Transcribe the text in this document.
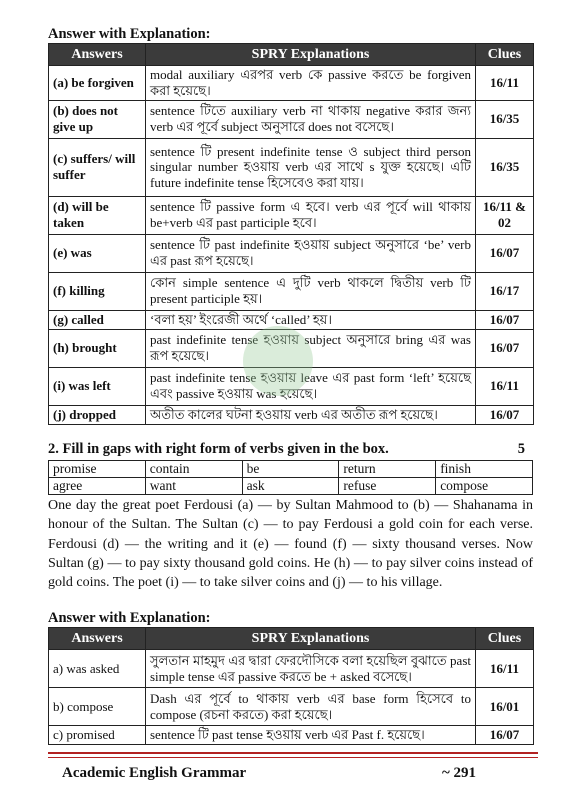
Answer with Explanation:
Answers	SPRY Explanations	Clues
(a) be forgiven	modal auxiliary এরপর verb কে passive করতে be forgiven করা হয়েছে।	16/11
(b) does not give up	sentence টিতে auxiliary verb না থাকায় negative করার জন্য verb এর পূর্বে subject অনুসারে does not বসেছে।	16/35
(c) suffers/ will suffer	sentence টি present indefinite tense ও subject third person singular number হওয়ায় verb এর সাথে s যুক্ত হয়েছে। এটি future indefinite tense হিসেবেও করা যায়।	16/35
(d) will be taken	sentence টি passive form এ হবে। verb এর পূর্বে will থাকায় be+verb এর past participle হবে।	16/11 & 02
(e) was	sentence টি past indefinite হওয়ায় subject অনুসারে ‘be’ verb এর past রূপ হয়েছে।	16/07
(f) killing	কোন simple sentence এ দুটি verb থাকলে দ্বিতীয় verb টি present participle হয়।	16/17
(g) called	‘বলা হয়’ ইংরেজী অর্থে ‘called’ হয়।	16/07
(h) brought	past indefinite tense হওয়ায় subject অনুসারে bring এর was রূপ হয়েছে।	16/07
(i) was left	past indefinite tense হওয়ায় leave এর past form ‘left’ হয়েছে এবং passive হওয়ায় was হয়েছে।	16/11
(j) dropped	অতীত কালের ঘটনা হওয়ায় verb এর অতীত রূপ হয়েছে।	16/07
2. Fill in gaps with right form of verbs given in the box.	5
promise	contain	be	return	finish
agree	want	ask	refuse	compose

One day the great poet Ferdousi (a) — by Sultan Mahmood to (b) — Shahanama in honour of the Sultan. The Sultan (c) — to pay Ferdousi a gold coin for each verse. Ferdousi (d) — the writing and it (e) — found (f) — sixty thousand verses. Now Sultan (g) — to pay sixty thousand gold coins. He (h) — to pay silver coins instead of gold coins. The poet (i) — to take silver coins and (j) — to his village.

Answer with Explanation:
Answers	SPRY Explanations	Clues
a) was asked	সুলতান মাহমুদ এর দ্বারা ফেরদৌসিকে বলা হয়েছিল বুঝাতে past simple tense এর passive করতে be + asked বসেছে।	16/11
b) compose	Dash এর পূর্বে to থাকায় verb এর base form হিসেবে to compose (রচনা করতে) করা হয়েছে।	16/01
c) promised	sentence টি past tense হওয়ায় verb এর Past f. হয়েছে।	16/07
Academic English Grammar	~ 291
